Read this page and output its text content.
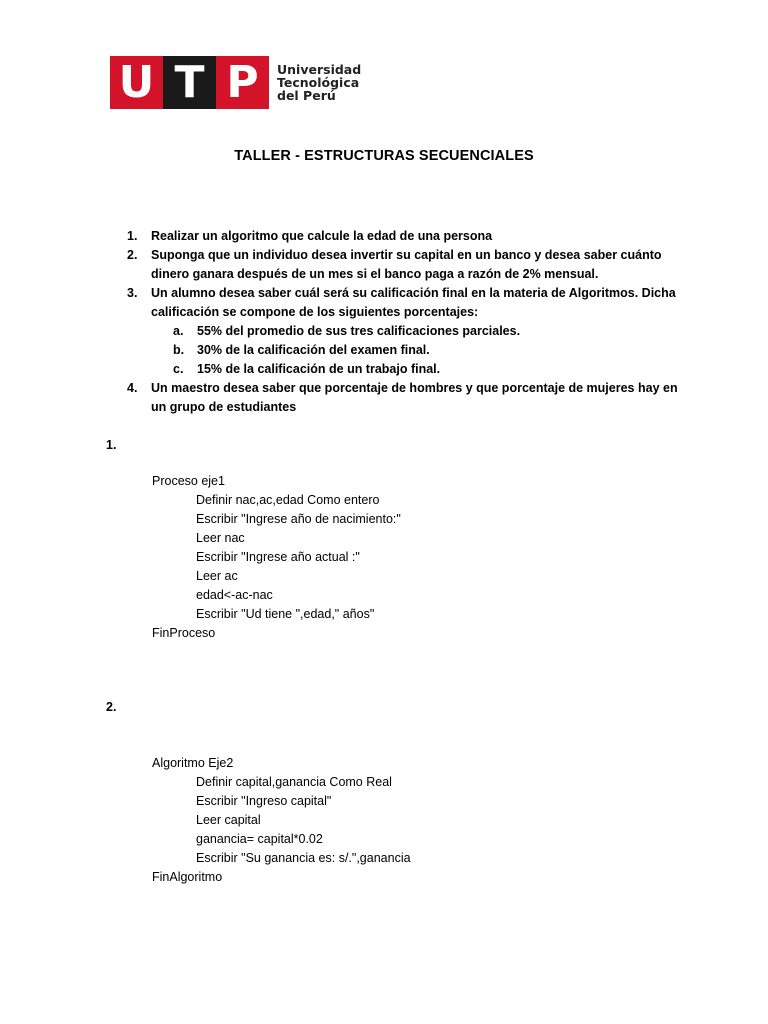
U T P	Universidad
Tecnológica
del Perú
TALLER - ESTRUCTURAS SECUENCIALES
1. Realizar un algoritmo que calcule la edad de una persona
2. Suponga que un individuo desea invertir su capital en un banco y desea saber cuánto
dinero ganara después de un mes si el banco paga a razón de 2% mensual.
3. Un alumno desea saber cuál será su calificación final en la materia de Algoritmos. Dicha
calificación se compone de los siguientes porcentajes:
a. 55% del promedio de sus tres calificaciones parciales.
b. 30% de la calificación del examen final.
c. 15% de la calificación de un trabajo final.
4. Un maestro desea saber que porcentaje de hombres y que porcentaje de mujeres hay en
un grupo de estudiantes
1.
Proceso eje1
Definir nac,ac,edad Como entero
Escribir "Ingrese año de nacimiento:"
Leer nac
Escribir "Ingrese año actual :"
Leer ac
edad<-ac-nac
Escribir "Ud tiene ",edad," años"
FinProceso
2.
Algoritmo Eje2
Definir capital,ganancia Como Real
Escribir "Ingreso capital"
Leer capital
ganancia= capital*0.02
Escribir "Su ganancia es: s/.",ganancia
FinAlgoritmo
